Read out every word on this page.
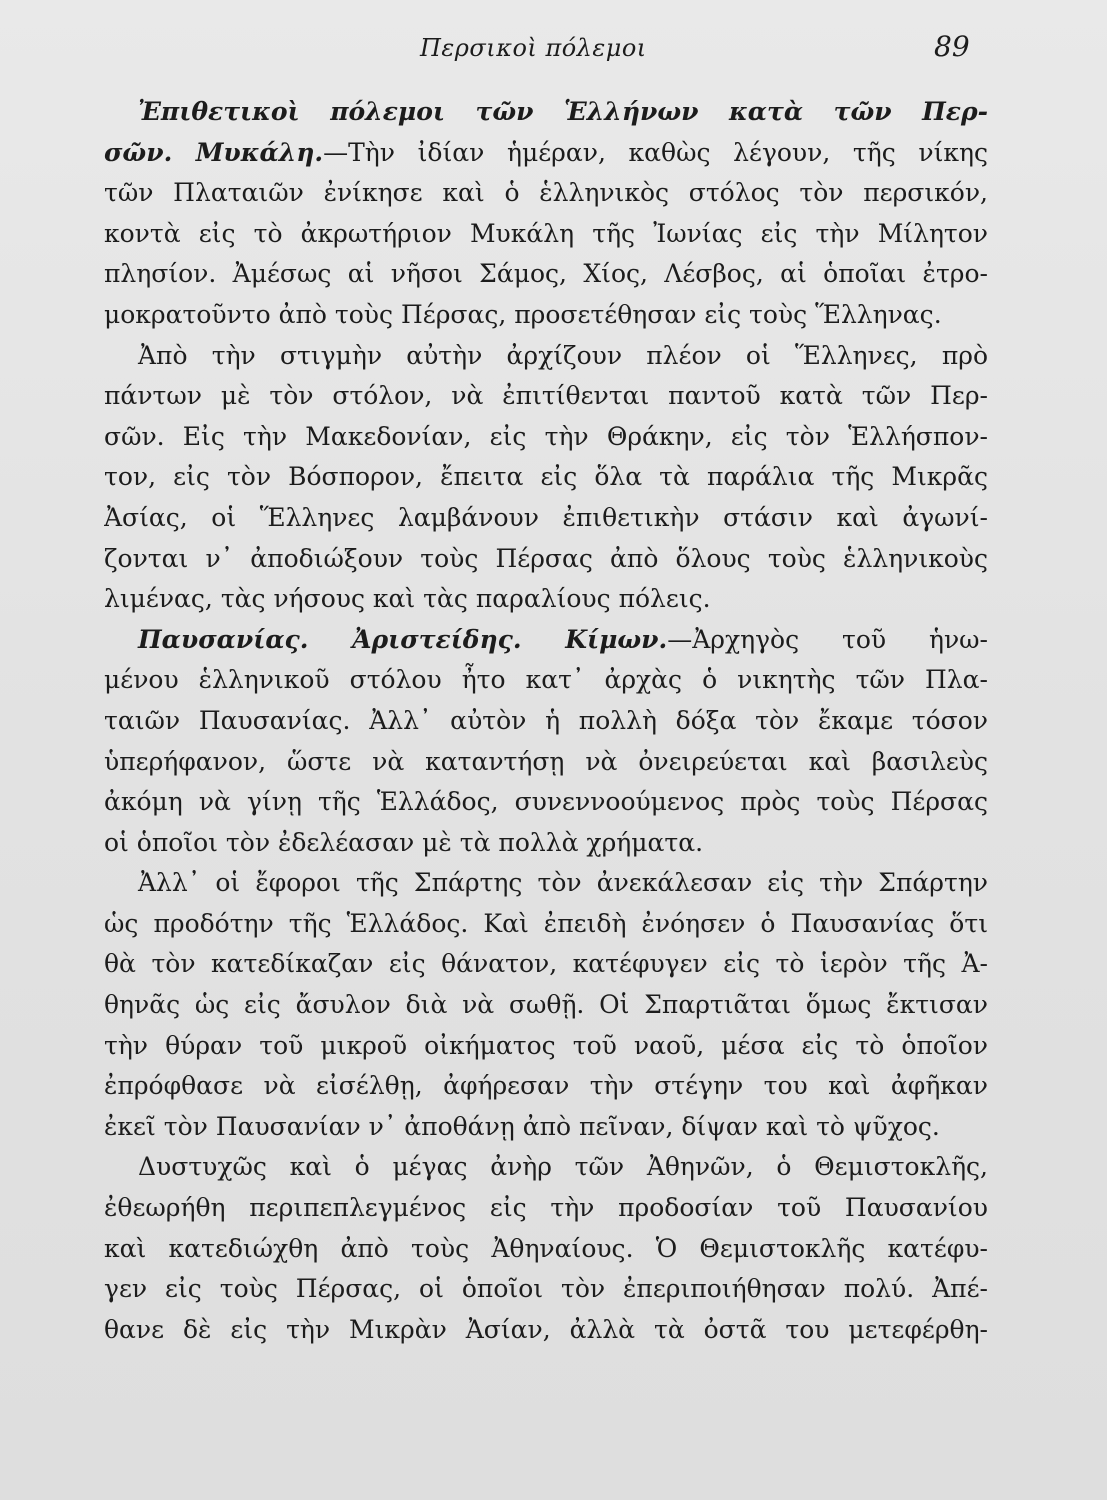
Περσικοὶ πόλεμοι	89
Ἐπιθετικοὶ πόλεμοι τῶν Ἑλλήνων κατὰ τῶν Περ-
σῶν. Μυκάλη.—Τὴν ἰδίαν ἡμέραν, καθὼς λέγουν, τῆς νίκης
τῶν Πλαταιῶν ἐνίκησε καὶ ὁ ἑλληνικὸς στόλος τὸν περσικόν,
κοντὰ εἰς τὸ ἀκρωτήριον Μυκάλη τῆς Ἰωνίας εἰς τὴν Μίλητον
πλησίον. Ἀμέσως αἱ νῆσοι Σάμος, Χίος, Λέσβος, αἱ ὁποῖαι ἐτρο-
μοκρατοῦντο ἀπὸ τοὺς Πέρσας, προσετέθησαν εἰς τοὺς Ἕλληνας.
Ἀπὸ τὴν στιγμὴν αὐτὴν ἀρχίζουν πλέον οἱ Ἕλληνες, πρὸ
πάντων μὲ τὸν στόλον, νὰ ἐπιτίθενται παντοῦ κατὰ τῶν Περ-
σῶν. Εἰς τὴν Μακεδονίαν, εἰς τὴν Θράκην, εἰς τὸν Ἑλλήσπον-
τον, εἰς τὸν Βόσπορον, ἔπειτα εἰς ὅλα τὰ παράλια τῆς Μικρᾶς
Ἀσίας, οἱ Ἕλληνες λαμβάνουν ἐπιθετικὴν στάσιν καὶ ἀγωνί-
ζονται ν᾽ ἀποδιώξουν τοὺς Πέρσας ἀπὸ ὅλους τοὺς ἑλληνικοὺς
λιμένας, τὰς νήσους καὶ τὰς παραλίους πόλεις.
Παυσανίας. Ἀριστείδης. Κίμων.—Ἀρχηγὸς τοῦ ἡνω-
μένου ἑλληνικοῦ στόλου ἦτο κατ᾽ ἀρχὰς ὁ νικητὴς τῶν Πλα-
ταιῶν Παυσανίας. Ἀλλ᾽ αὐτὸν ἡ πολλὴ δόξα τὸν ἔκαμε τόσον
ὑπερήφανον, ὥστε νὰ καταντήσῃ νὰ ὀνειρεύεται καὶ βασιλεὺς
ἀκόμη νὰ γίνῃ τῆς Ἑλλάδος, συνεννοούμενος πρὸς τοὺς Πέρσας
οἱ ὁποῖοι τὸν ἐδελέασαν μὲ τὰ πολλὰ χρήματα.
Ἀλλ᾽ οἱ ἔφοροι τῆς Σπάρτης τὸν ἀνεκάλεσαν εἰς τὴν Σπάρτην
ὡς προδότην τῆς Ἑλλάδος. Καὶ ἐπειδὴ ἐνόησεν ὁ Παυσανίας ὅτι
θὰ τὸν κατεδίκαζαν εἰς θάνατον, κατέφυγεν εἰς τὸ ἱερὸν τῆς Ἀ-
θηνᾶς ὡς εἰς ἄσυλον διὰ νὰ σωθῇ. Οἱ Σπαρτιᾶται ὅμως ἔκτισαν
τὴν θύραν τοῦ μικροῦ οἰκήματος τοῦ ναοῦ, μέσα εἰς τὸ ὁποῖον
ἐπρόφθασε νὰ εἰσέλθῃ, ἀφήρεσαν τὴν στέγην του καὶ ἀφῆκαν
ἐκεῖ τὸν Παυσανίαν ν᾽ ἀποθάνῃ ἀπὸ πεῖναν, δίψαν καὶ τὸ ψῦχος.
Δυστυχῶς καὶ ὁ μέγας ἀνὴρ τῶν Ἀθηνῶν, ὁ Θεμιστοκλῆς,
ἐθεωρήθη περιπεπλεγμένος εἰς τὴν προδοσίαν τοῦ Παυσανίου
καὶ κατεδιώχθη ἀπὸ τοὺς Ἀθηναίους. Ὁ Θεμιστοκλῆς κατέφυ-
γεν εἰς τοὺς Πέρσας, οἱ ὁποῖοι τὸν ἐπεριποιήθησαν πολύ. Ἀπέ-
θανε δὲ εἰς τὴν Μικρὰν Ἀσίαν, ἀλλὰ τὰ ὀστᾶ του μετεφέρθη-
